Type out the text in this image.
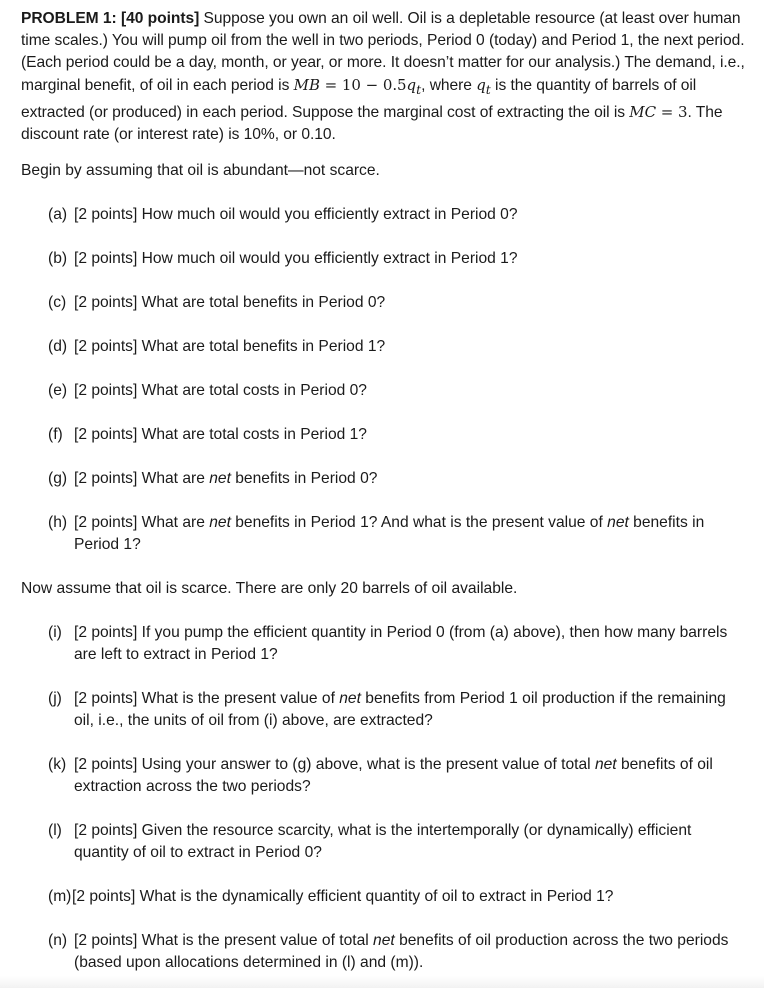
PROBLEM 1: [40 points] Suppose you own an oil well. Oil is a depletable resource (at least over human time scales.) You will pump oil from the well in two periods, Period 0 (today) and Period 1, the next period. (Each period could be a day, month, or year, or more. It doesn’t matter for our analysis.) The demand, i.e., marginal benefit, of oil in each period is MB = $10 - 0.5q_t$, where $q_t$ is the quantity of barrels of oil extracted (or produced) in each period. Suppose the marginal cost of extracting the oil is MC = 3. The discount rate (or interest rate) is 10%, or 0.10.

Begin by assuming that oil is abundant—not scarce.

(a) [2 points] How much oil would you efficiently extract in Period 0?
(b) [2 points] How much oil would you efficiently extract in Period 1?
(c) [2 points] What are total benefits in Period 0?
(d) [2 points] What are total benefits in Period 1?
(e) [2 points] What are total costs in Period 0?
(f) [2 points] What are total costs in Period 1?
(g) [2 points] What are net benefits in Period 0?
(h) [2 points] What are net benefits in Period 1? And what is the present value of net benefits in Period 1?

Now assume that oil is scarce. There are only 20 barrels of oil available.

(i) [2 points] If you pump the efficient quantity in Period 0 (from (a) above), then how many barrels are left to extract in Period 1?
(j) [2 points] What is the present value of net benefits from Period 1 oil production if the remaining oil, i.e., the units of oil from (i) above, are extracted?
(k) [2 points] Using your answer to (g) above, what is the present value of total net benefits of oil extraction across the two periods?
(l) [2 points] Given the resource scarcity, what is the intertemporally (or dynamically) efficient quantity of oil to extract in Period 0?
(m) [2 points] What is the dynamically efficient quantity of oil to extract in Period 1?
(n) [2 points] What is the present value of total net benefits of oil production across the two periods (based upon allocations determined in (l) and (m)).
